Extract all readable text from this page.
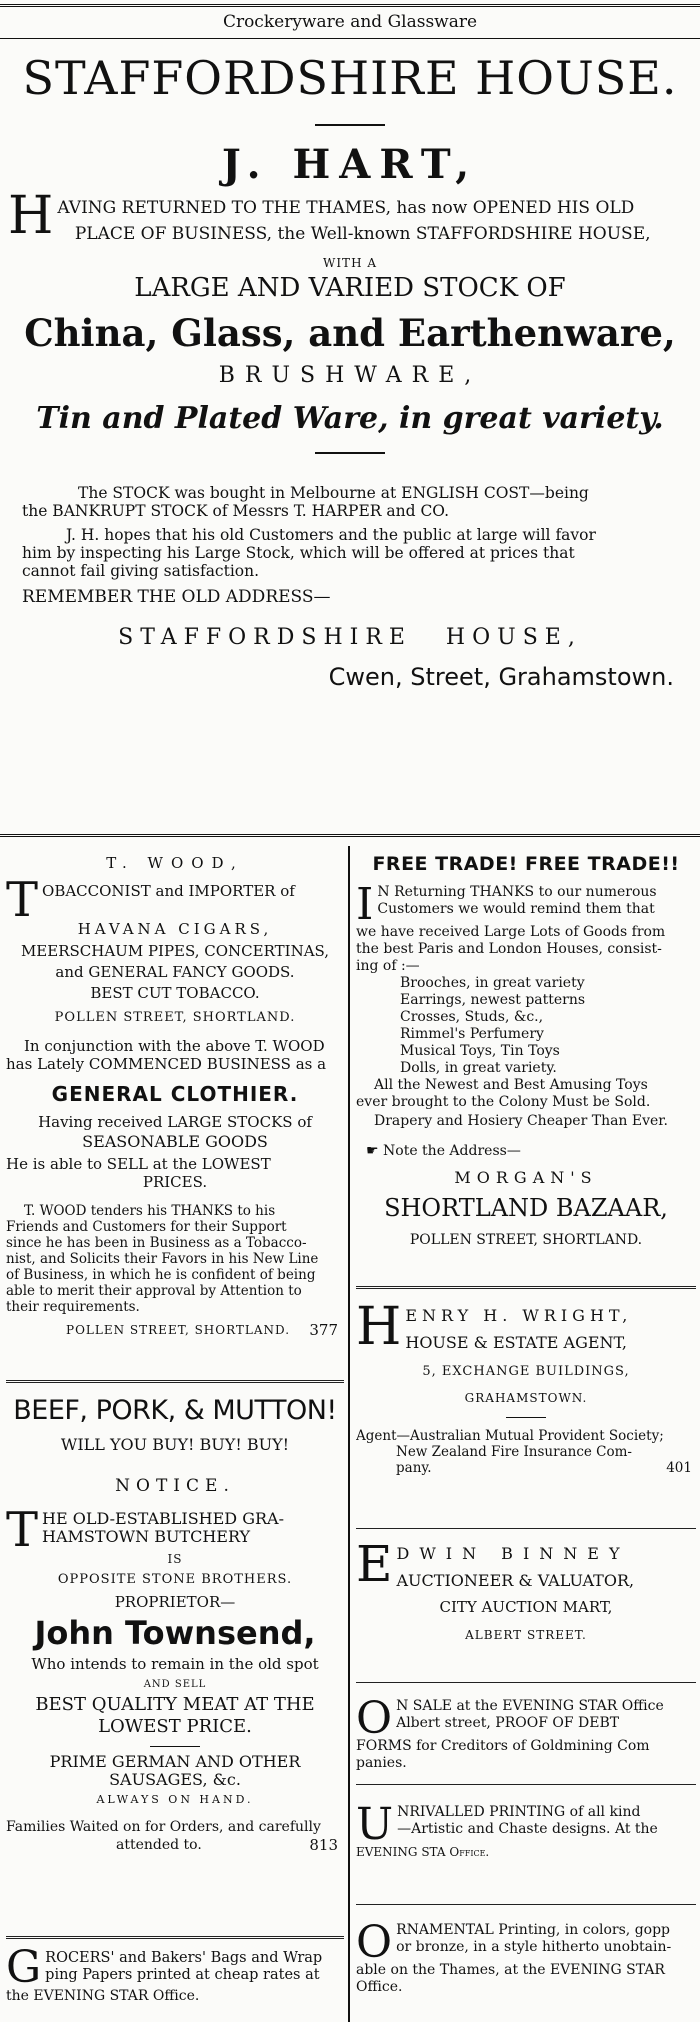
Crockeryware and Glassware
STAFFORDSHIRE HOUSE.
J. HART,
H AVING RETURNED TO THE THAMES, has now OPENED HIS OLD
PLACE OF BUSINESS, the Well-known STAFFORDSHIRE HOUSE,
WITH A
LARGE AND VARIED STOCK OF
China, Glass, and Earthenware,
BRUSHWARE,
Tin and Plated Ware, in great variety.
The STOCK was bought in Melbourne at ENGLISH COST—being
the BANKRUPT STOCK of Messrs T. HARPER and CO.
J. H. hopes that his old Customers and the public at large will favor
him by inspecting his Large Stock, which will be offered at prices that
cannot fail giving satisfaction.
REMEMBER THE OLD ADDRESS—
STAFFORDSHIRE HOUSE,
Cwen, Street, Grahamstown.
T. WOOD,
T OBACCONIST and IMPORTER of
HAVANA CIGARS,
MEERSCHAUM PIPES, CONCERTINAS,
and GENERAL FANCY GOODS.
BEST CUT TOBACCO.
POLLEN STREET, SHORTLAND.
In conjunction with the above T. WOOD
has Lately COMMENCED BUSINESS as a
GENERAL CLOTHIER.
Having received LARGE STOCKS of
SEASONABLE GOODS
He is able to SELL at the LOWEST
PRICES.
T. WOOD tenders his THANKS to his
Friends and Customers for their Support
since he has been in Business as a Tobacco-
nist, and Solicits their Favors in his New Line
of Business, in which he is confident of being
able to merit their approval by Attention to
their requirements.
POLLEN STREET, SHORTLAND. 377
BEEF, PORK, & MUTTON!
WILL YOU BUY! BUY! BUY!
NOTICE.
T HE OLD-ESTABLISHED GRA-
HAMSTOWN BUTCHERY
IS
OPPOSITE STONE BROTHERS.
PROPRIETOR—
John Townsend,
Who intends to remain in the old spot
AND SELL
BEST QUALITY MEAT AT THE
LOWEST PRICE.
PRIME GERMAN AND OTHER
SAUSAGES, &c.
ALWAYS ON HAND.
Families Waited on for Orders, and carefully
attended to.	813
G ROCERS' and Bakers' Bags and Wrap
ping Papers printed at cheap rates at
the EVENING STAR Office.
FREE TRADE! FREE TRADE!!
I N Returning THANKS to our numerous
Customers we would remind them that
we have received Large Lots of Goods from
the best Paris and London Houses, consist-
ing of :—
Brooches, in great variety
Earrings, newest patterns
Crosses, Studs, &c.,
Rimmel's Perfumery
Musical Toys, Tin Toys
Dolls, in great variety.
All the Newest and Best Amusing Toys
ever brought to the Colony Must be Sold.
Drapery and Hosiery Cheaper Than Ever.
☛ Note the Address—
MORGAN'S
SHORTLAND BAZAAR,
POLLEN STREET, SHORTLAND.
H ENRY H. WRIGHT,
HOUSE & ESTATE AGENT,
5, EXCHANGE BUILDINGS,
GRAHAMSTOWN.
Agent—Australian Mutual Provident Society;
New Zealand Fire Insurance Com-
pany.	401
E DWIN BINNEY
AUCTIONEER & VALUATOR,
CITY AUCTION MART,
ALBERT STREET.
O N SALE at the EVENING STAR Office
Albert street, PROOF OF DEBT
FORMS for Creditors of Goldmining Com
panies.
U NRIVALLED PRINTING of all kind
—Artistic and Chaste designs. At the
EVENING STA Office.
O RNAMENTAL Printing, in colors, gopp
or bronze, in a style hitherto unobtain-
able on the Thames, at the EVENING STAR
Office.
